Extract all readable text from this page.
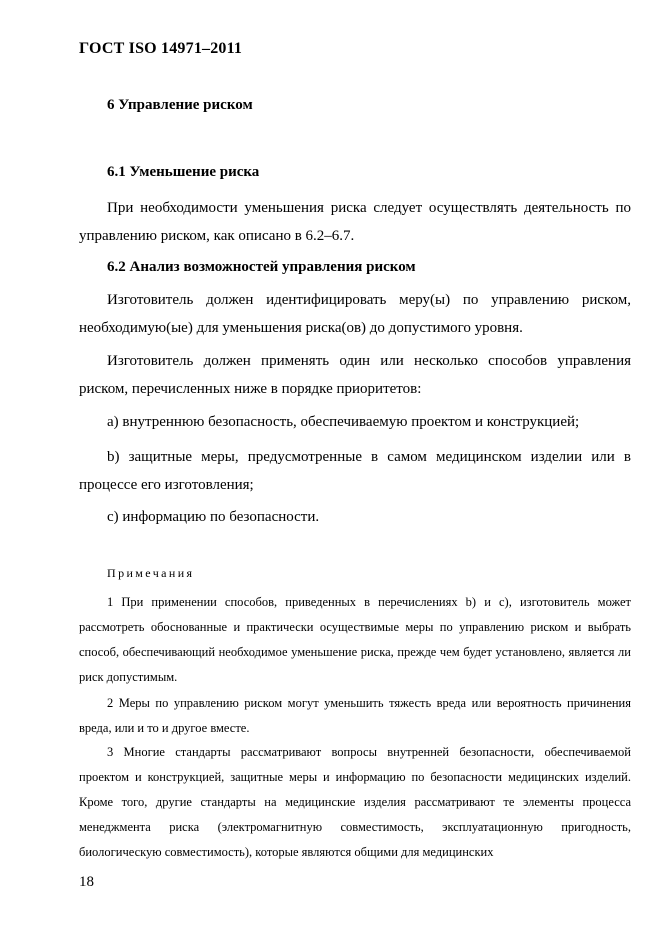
ГОСТ ISO 14971–2011
6 Управление риском
6.1 Уменьшение риска
При необходимости уменьшения риска следует осуществлять деятельность по управлению риском, как описано в 6.2–6.7.
6.2 Анализ возможностей управления риском
Изготовитель должен идентифицировать меру(ы) по управлению риском, необходимую(ые) для уменьшения риска(ов) до допустимого уровня.
Изготовитель должен применять один или несколько способов управления риском, перечисленных ниже в порядке приоритетов:
a) внутреннюю безопасность, обеспечиваемую проектом и конструкцией;
b) защитные меры, предусмотренные в самом медицинском изделии или в процессе его изготовления;
c) информацию по безопасности.
Примечания
1 При применении способов, приведенных в перечислениях b) и c), изготовитель может рассмотреть обоснованные и практически осуществимые меры по управлению риском и выбрать способ, обеспечивающий необходимое уменьшение риска, прежде чем будет установлено, является ли риск допустимым.
2 Меры по управлению риском могут уменьшить тяжесть вреда или вероятность причинения вреда, или и то и другое вместе.
3 Многие стандарты рассматривают вопросы внутренней безопасности, обеспечиваемой проектом и конструкцией, защитные меры и информацию по безопасности медицинских изделий. Кроме того, другие стандарты на медицинские изделия рассматривают те элементы процесса менеджмента риска (электромагнитную совместимость, эксплуатационную пригодность, биологическую совместимость), которые являются общими для медицинских
18
